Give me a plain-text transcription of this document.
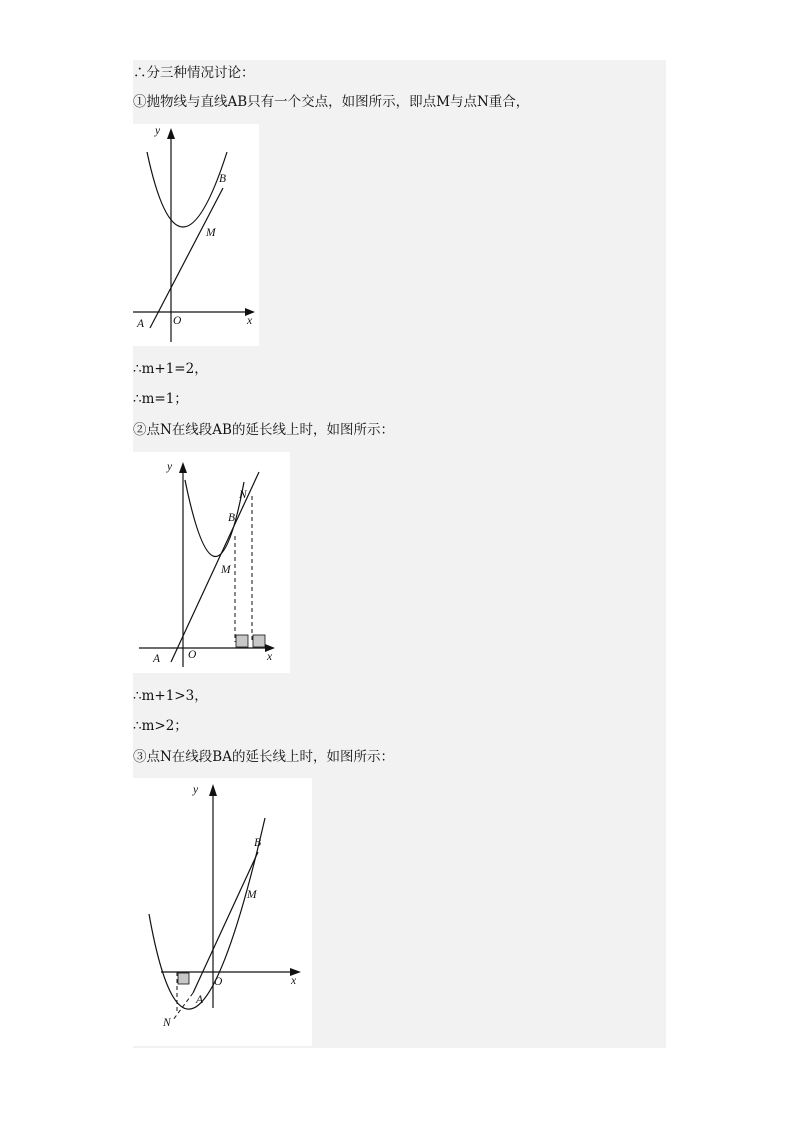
∴分三种情况讨论：
①抛物线与直线AB只有一个交点，如图所示，即点M与点N重合，
y
x
O
A
B
M
∴m+1=2，
∴m=1；
②点N在线段AB的延长线上时，如图所示：
y
x
O
A
B
M
N
∴m+1>3，
∴m>2；
③点N在线段BA的延长线上时，如图所示：
y
x
O
A
B
M
N
